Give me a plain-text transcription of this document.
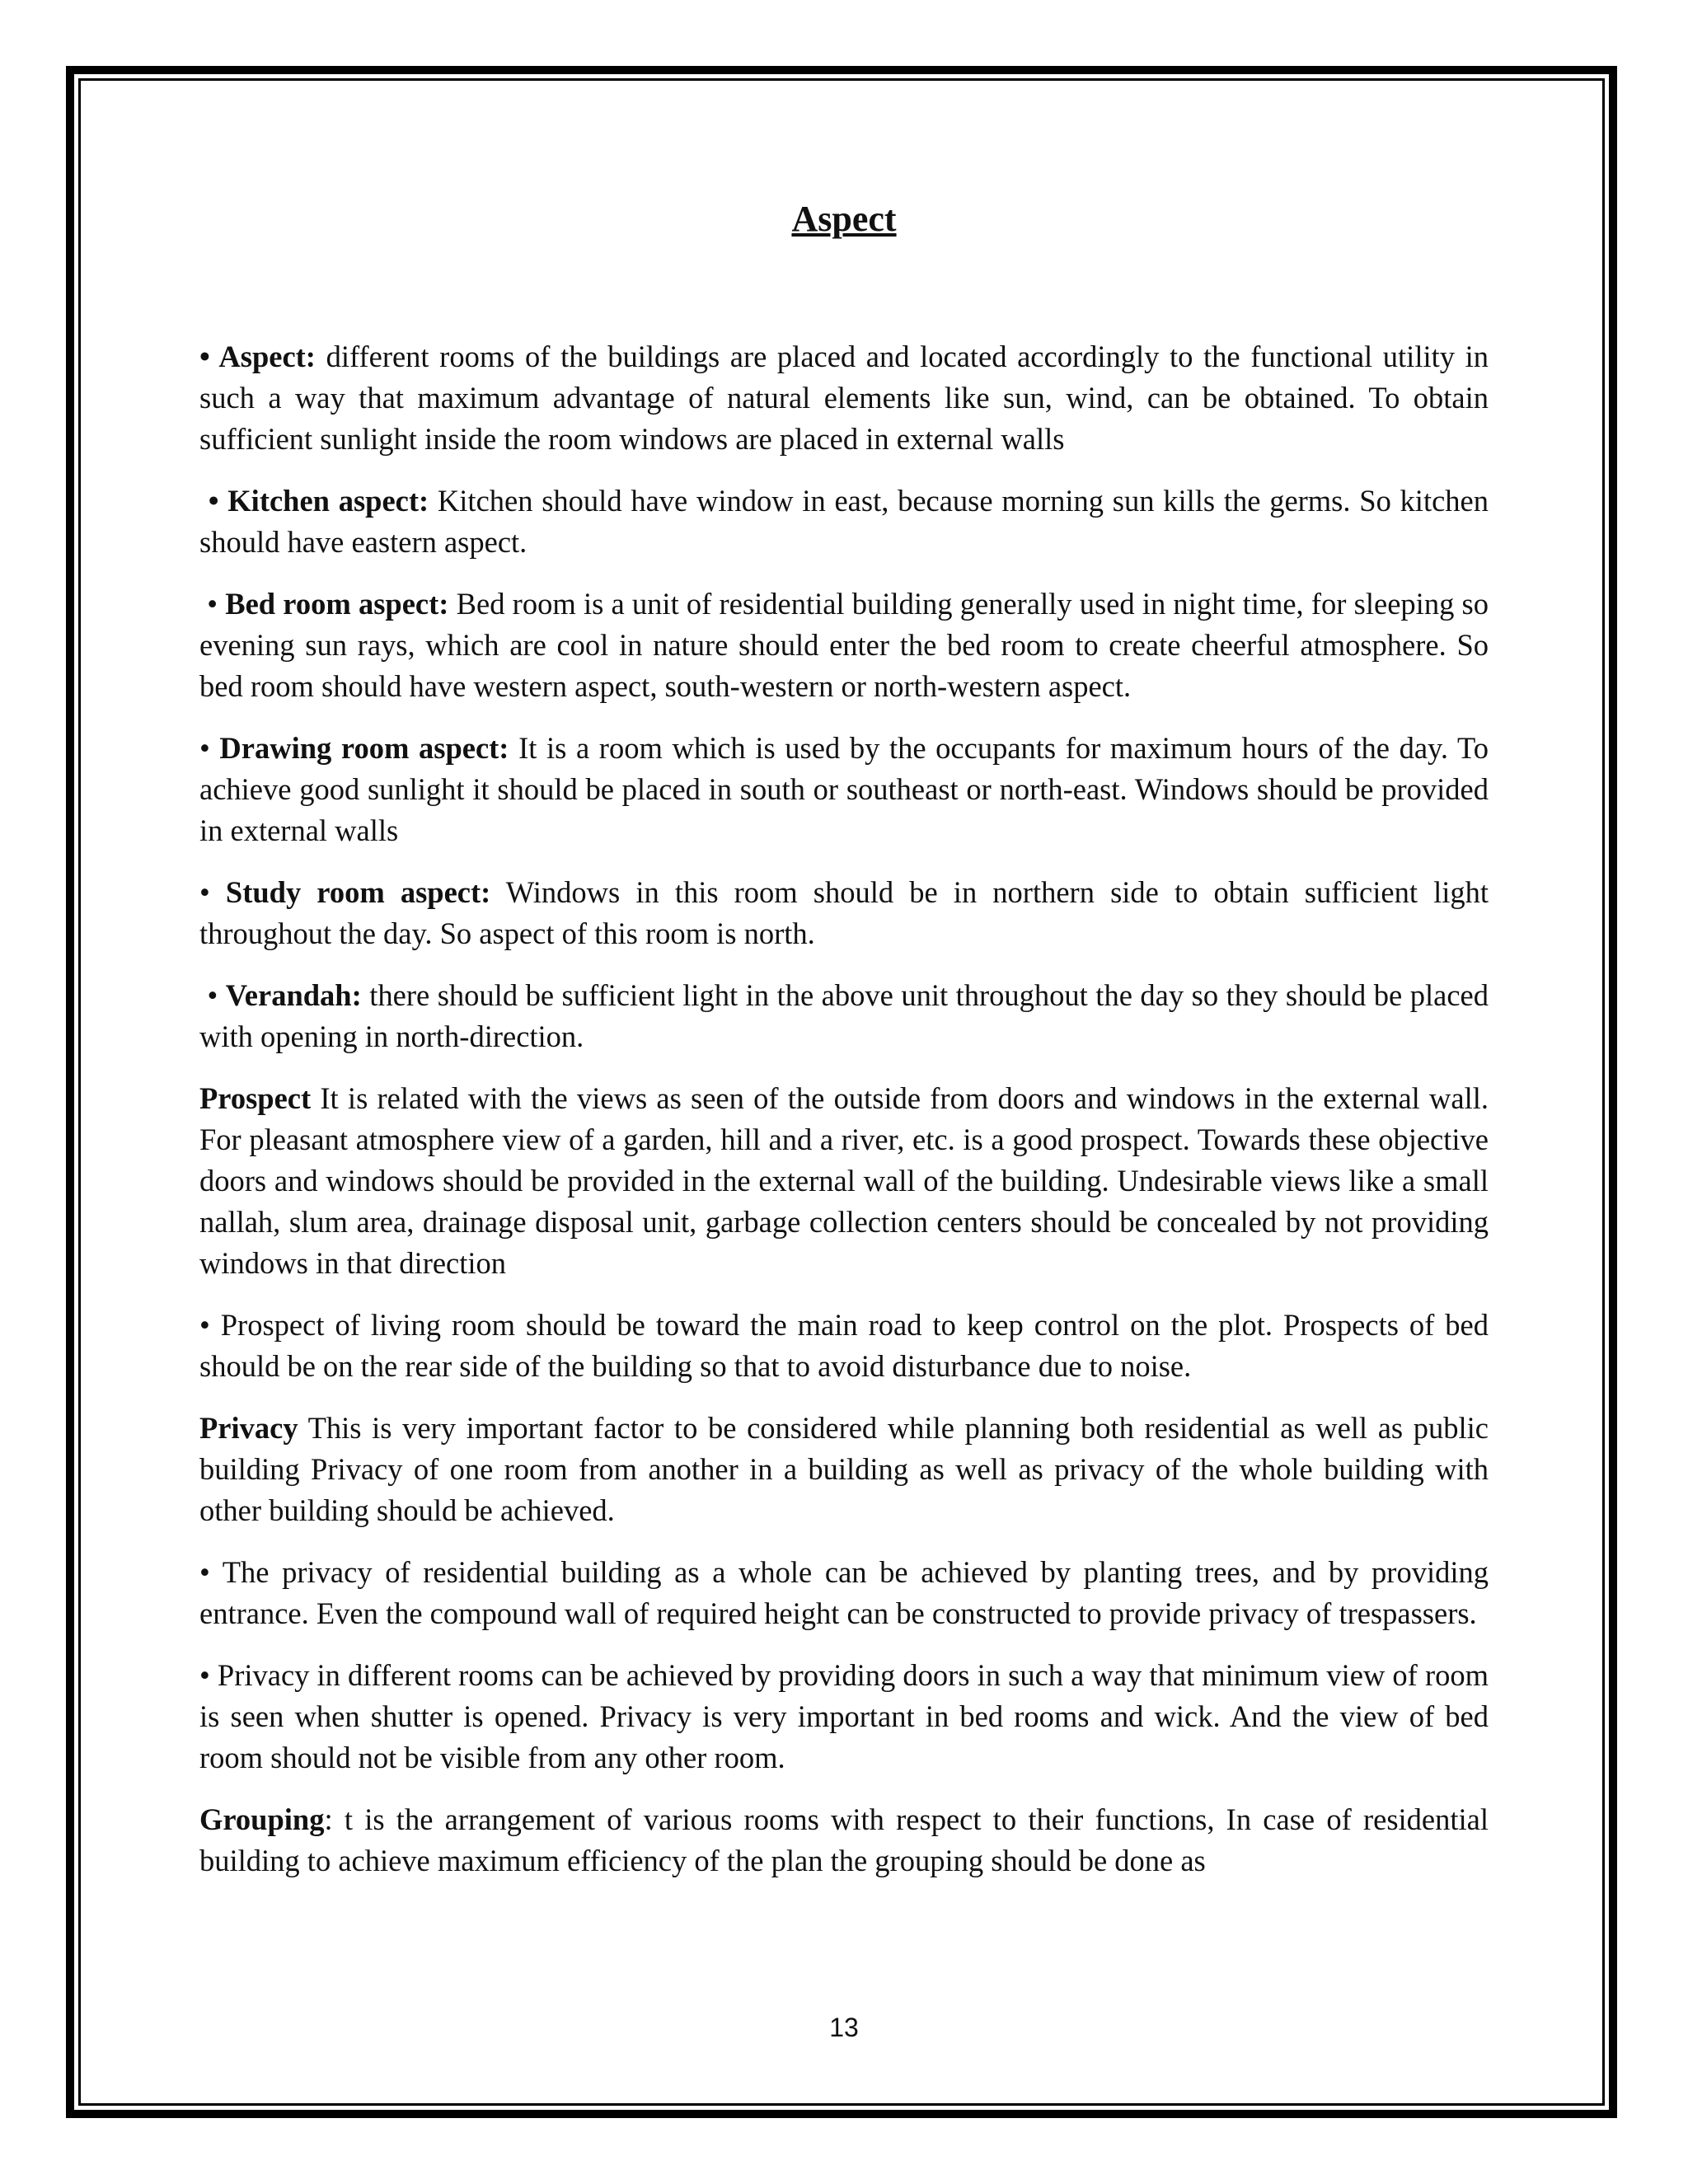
Aspect

• Aspect: different rooms of the buildings are placed and located accordingly to the functional utility in such a way that maximum advantage of natural elements like sun, wind, can be obtained. To obtain sufficient sunlight inside the room windows are placed in external walls

• Kitchen aspect: Kitchen should have window in east, because morning sun kills the germs. So kitchen should have eastern aspect.

• Bed room aspect: Bed room is a unit of residential building generally used in night time, for sleeping so evening sun rays, which are cool in nature should enter the bed room to create cheerful atmosphere. So bed room should have western aspect, south-western or north-western aspect.

• Drawing room aspect: It is a room which is used by the occupants for maximum hours of the day. To achieve good sunlight it should be placed in south or southeast or north-east. Windows should be provided in external walls

• Study room aspect: Windows in this room should be in northern side to obtain sufficient light throughout the day. So aspect of this room is north.

• Verandah: there should be sufficient light in the above unit throughout the day so they should be placed with opening in north-direction.

Prospect It is related with the views as seen of the outside from doors and windows in the external wall. For pleasant atmosphere view of a garden, hill and a river, etc. is a good prospect. Towards these objective doors and windows should be provided in the external wall of the building. Undesirable views like a small nallah, slum area, drainage disposal unit, garbage collection centers should be concealed by not providing windows in that direction

• Prospect of living room should be toward the main road to keep control on the plot. Prospects of bed should be on the rear side of the building so that to avoid disturbance due to noise.

Privacy This is very important factor to be considered while planning both residential as well as public building Privacy of one room from another in a building as well as privacy of the whole building with other building should be achieved.

• The privacy of residential building as a whole can be achieved by planting trees, and by providing entrance. Even the compound wall of required height can be constructed to provide privacy of trespassers.

• Privacy in different rooms can be achieved by providing doors in such a way that minimum view of room is seen when shutter is opened. Privacy is very important in bed rooms and wick. And the view of bed room should not be visible from any other room.

Grouping: t is the arrangement of various rooms with respect to their functions, In case of residential building to achieve maximum efficiency of the plan the grouping should be done as

13
